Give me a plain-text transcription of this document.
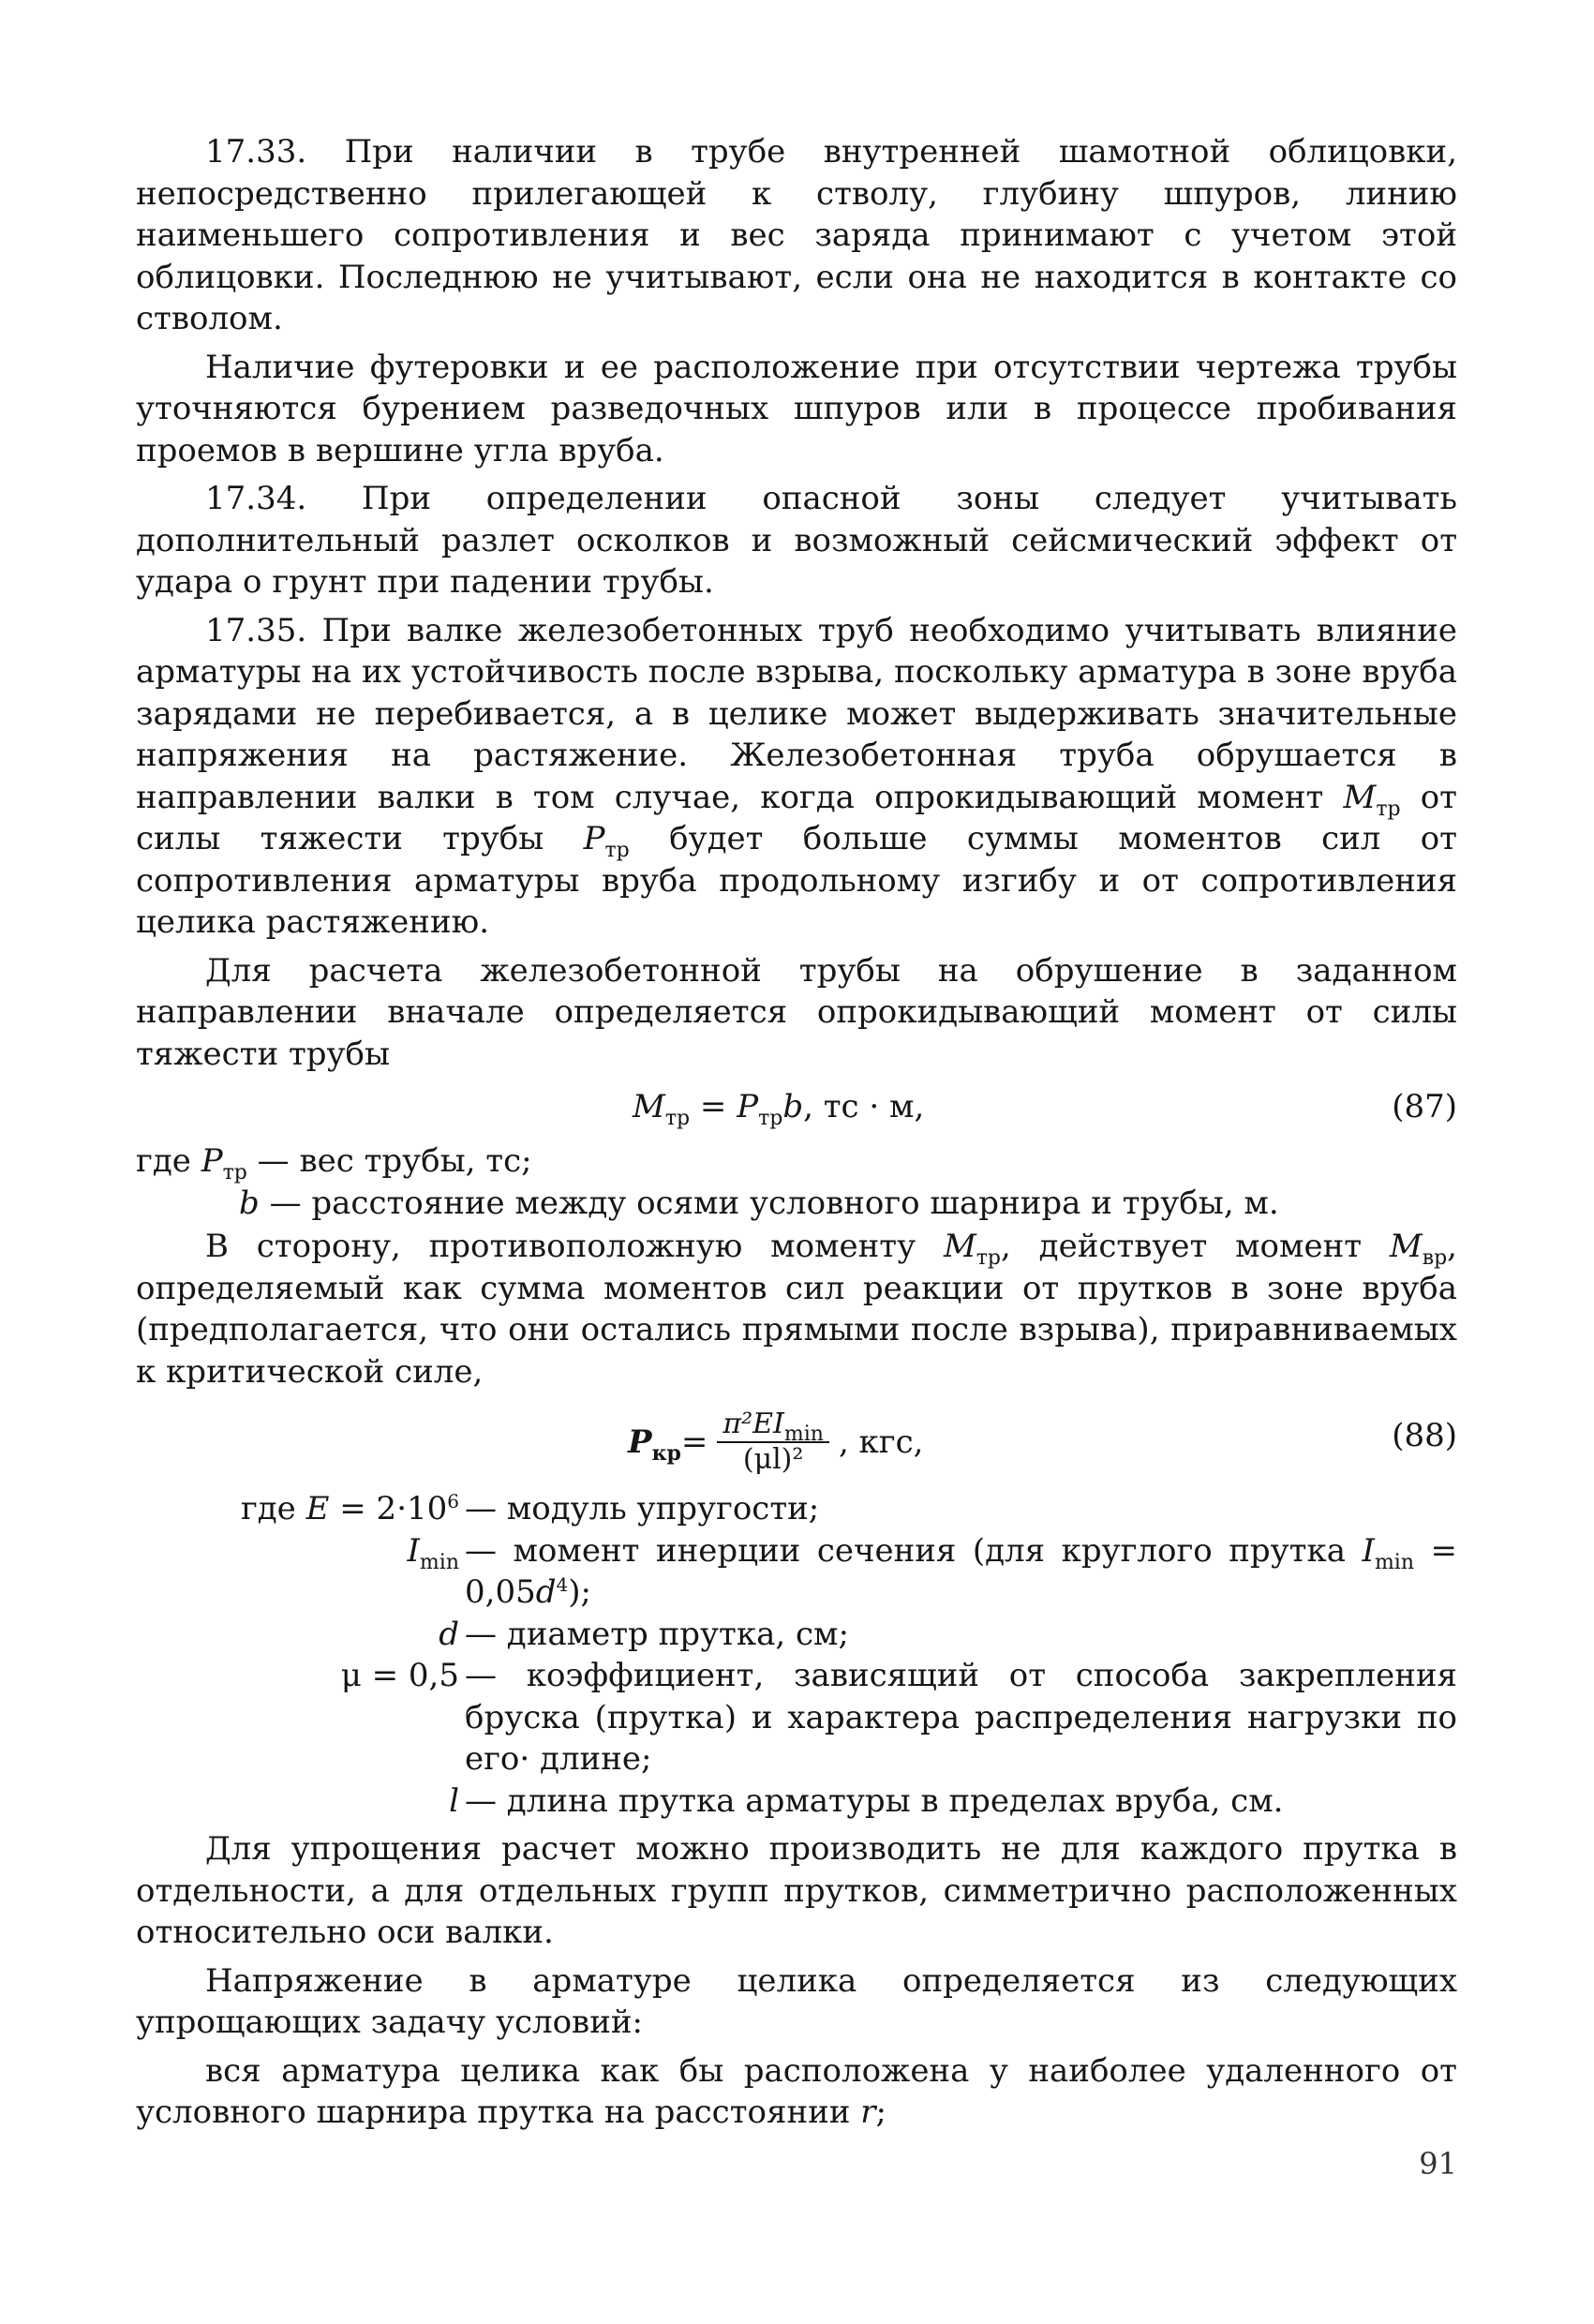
17.33. При наличии в трубе внутренней шамотной облицовки, непосредственно прилегающей к стволу, глубину шпуров, линию наименьшего сопротивления и вес заряда принимают с учетом этой облицовки. Последнюю не учитывают, если она не находится в контакте со стволом.

Наличие футеровки и ее расположение при отсутствии чертежа трубы уточняются бурением разведочных шпуров или в процессе пробивания проемов в вершине угла вруба.

17.34. При определении опасной зоны следует учитывать дополнительный разлет осколков и возможный сейсмический эффект от удара о грунт при падении трубы.

17.35. При валке железобетонных труб необходимо учитывать влияние арматуры на их устойчивость после взрыва, поскольку арматура в зоне вруба зарядами не перебивается, а в целике может выдерживать значительные напряжения на растяжение. Железобетонная труба обрушается в направлении валки в том случае, когда опрокидывающий момент $M_{тр}$ от силы тяжести трубы $P_{тр}$ будет больше суммы моментов сил от сопротивления арматуры вруба продольному изгибу и от сопротивления целика растяжению.

Для расчета железобетонной трубы на обрушение в заданном направлении вначале определяется опрокидывающий момент от силы тяжести трубы

$M_{тр} = P_{тр}b$, тс · м,	(87)
где $P_{тр}$ — вес трубы, тс;
b — расстояние между осями условного шарнира и трубы, м.

В сторону, противоположную моменту $M_{тр}$, действует момент $M_{вр}$, определяемый как сумма моментов сил реакции от прутков в зоне вруба (предполагается, что они остались прямыми после взрыва), приравниваемых к критической силе,

$P_{кр} = \frac{\pi^2EI_{min}}{\text{(μl)²}}$ , кгс,	(88)
где $E = 2\cdot 10^6$	— модуль упругости;
$I_{min}$	— момент инерции сечения (для круглого прутка $I_{min} = 0,05d^4$);
d	— диаметр прутка, см;
μ = 0,5	— коэффициент, зависящий от способа закрепления бруска (прутка) и характера распределения нагрузки по его· длине;
l	— длина прутка арматуры в пределах вруба, см.

Для упрощения расчет можно производить не для каждого прутка в отдельности, а для отдельных групп прутков, симметрично расположенных относительно оси валки.

Напряжение в арматуре целика определяется из следующих упрощающих задачу условий:

вся арматура целика как бы расположена у наиболее удаленного от условного шарнира прутка на расстоянии r;

91
